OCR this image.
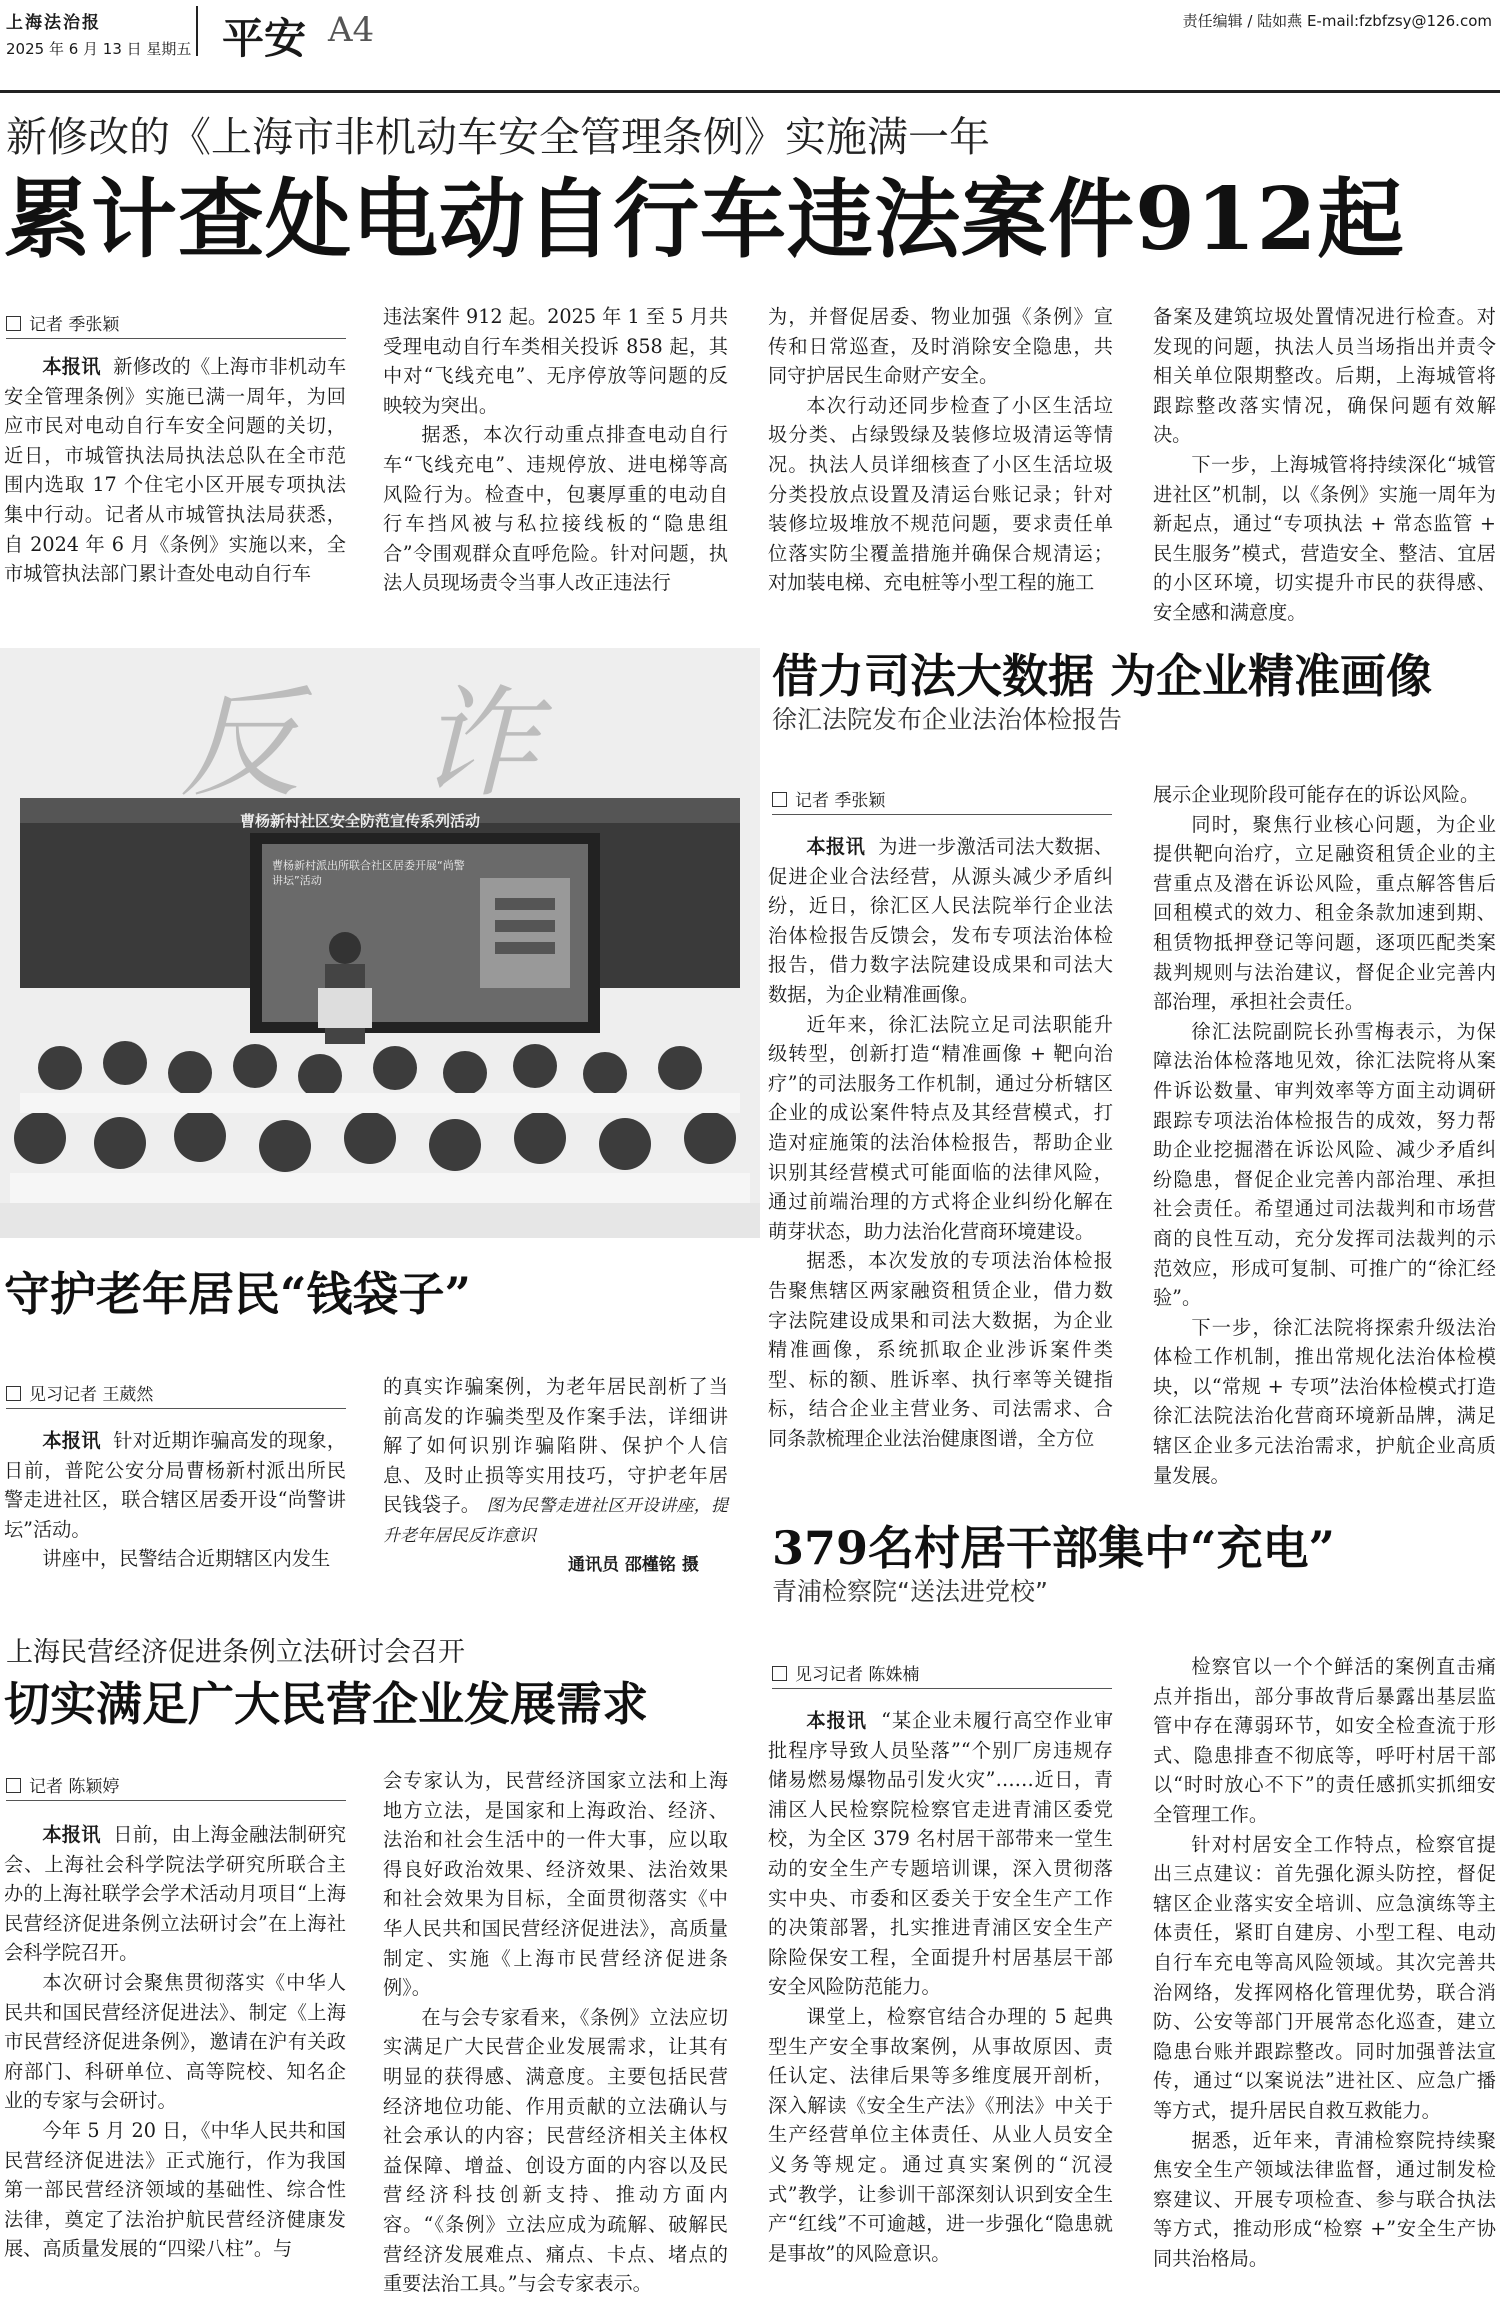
上海法治报
2025 年 6 月 13 日 星期五 平安 A4	责任编辑 / 陆如燕 E-mail:fzbfzsy@126.com
新修改的《上海市非机动车安全管理条例》实施满一年
累计查处电动自行车违法案件912起
记者 季张颖

本报讯 新修改的《上海市非机动车安全管理条例》实施已满一周年，为回应市民对电动自行车安全问题的关切，近日，市城管执法局执法总队在全市范围内选取 17 个住宅小区开展专项执法集中行动。记者从市城管执法局获悉，自 2024 年 6 月《条例》实施以来，全市城管执法部门累计查处电动自行车

违法案件 912 起。2025 年 1 至 5 月共受理电动自行车类相关投诉 858 起，其中对“飞线充电”、无序停放等问题的反映较为突出。

据悉，本次行动重点排查电动自行车“飞线充电”、违规停放、进电梯等高风险行为。检查中，包裹厚重的电动自行车挡风被与私拉接线板的“隐患组合”令围观群众直呼危险。针对问题，执法人员现场责令当事人改正违法行

为，并督促居委、物业加强《条例》宣传和日常巡查，及时消除安全隐患，共同守护居民生命财产安全。

本次行动还同步检查了小区生活垃圾分类、占绿毁绿及装修垃圾清运等情况。执法人员详细核查了小区生活垃圾分类投放点设置及清运台账记录；针对装修垃圾堆放不规范问题，要求责任单位落实防尘覆盖措施并确保合规清运；对加装电梯、充电桩等小型工程的施工

备案及建筑垃圾处置情况进行检查。对发现的问题，执法人员当场指出并责令相关单位限期整改。后期，上海城管将跟踪整改落实情况，确保问题有效解决。

下一步，上海城管将持续深化“城管进社区”机制，以《条例》实施一周年为新起点，通过“专项执法 + 常态监管 + 民生服务”模式，营造安全、整洁、宜居的小区环境，切实提升市民的获得感、安全感和满意度。

反 诈
曹杨新村社区安全防范宣传系列活动
曹杨新村派出所联合社区居委开展“尚警讲坛”活动
守护老年居民“钱袋子”
见习记者 王葳然

本报讯 针对近期诈骗高发的现象，日前，普陀公安分局曹杨新村派出所民警走进社区，联合辖区居委开设“尚警讲坛”活动。

讲座中，民警结合近期辖区内发生

的真实诈骗案例，为老年居民剖析了当前高发的诈骗类型及作案手法，详细讲解了如何识别诈骗陷阱、保护个人信息、及时止损等实用技巧，守护老年居民钱袋子。 图为民警走进社区开设讲座，提升老年居民反诈意识

通讯员 邵槿铭 摄
借力司法大数据 为企业精准画像
徐汇法院发布企业法治体检报告
记者 季张颖

本报讯 为进一步激活司法大数据、促进企业合法经营，从源头减少矛盾纠纷，近日，徐汇区人民法院举行企业法治体检报告反馈会，发布专项法治体检报告，借力数字法院建设成果和司法大数据，为企业精准画像。

近年来，徐汇法院立足司法职能升级转型，创新打造“精准画像 + 靶向治疗”的司法服务工作机制，通过分析辖区企业的成讼案件特点及其经营模式，打造对症施策的法治体检报告，帮助企业识别其经营模式可能面临的法律风险，通过前端治理的方式将企业纠纷化解在萌芽状态，助力法治化营商环境建设。

据悉，本次发放的专项法治体检报告聚焦辖区两家融资租赁企业，借力数字法院建设成果和司法大数据，为企业精准画像，系统抓取企业涉诉案件类型、标的额、胜诉率、执行率等关键指标，结合企业主营业务、司法需求、合同条款梳理企业法治健康图谱，全方位

展示企业现阶段可能存在的诉讼风险。

同时，聚焦行业核心问题，为企业提供靶向治疗，立足融资租赁企业的主营重点及潜在诉讼风险，重点解答售后回租模式的效力、租金条款加速到期、租赁物抵押登记等问题，逐项匹配类案裁判规则与法治建议，督促企业完善内部治理，承担社会责任。

徐汇法院副院长孙雪梅表示，为保障法治体检落地见效，徐汇法院将从案件诉讼数量、审判效率等方面主动调研跟踪专项法治体检报告的成效，努力帮助企业挖掘潜在诉讼风险、减少矛盾纠纷隐患，督促企业完善内部治理、承担社会责任。希望通过司法裁判和市场营商的良性互动，充分发挥司法裁判的示范效应，形成可复制、可推广的“徐汇经验”。

下一步，徐汇法院将探索升级法治体检工作机制，推出常规化法治体检模块，以“常规 + 专项”法治体检模式打造徐汇法院法治化营商环境新品牌，满足辖区企业多元法治需求，护航企业高质量发展。

379名村居干部集中“充电”
青浦检察院“送法进党校”
见习记者 陈姝楠

本报讯 “某企业未履行高空作业审批程序导致人员坠落”“个别厂房违规存储易燃易爆物品引发火灾”……近日，青浦区人民检察院检察官走进青浦区委党校，为全区 379 名村居干部带来一堂生动的安全生产专题培训课，深入贯彻落实中央、市委和区委关于安全生产工作的决策部署，扎实推进青浦区安全生产除险保安工程，全面提升村居基层干部安全风险防范能力。

课堂上，检察官结合办理的 5 起典型生产安全事故案例，从事故原因、责任认定、法律后果等多维度展开剖析，深入解读《安全生产法》《刑法》中关于生产经营单位主体责任、从业人员安全义务等规定。通过真实案例的“沉浸式”教学，让参训干部深刻认识到安全生产“红线”不可逾越，进一步强化“隐患就是事故”的风险意识。

检察官以一个个鲜活的案例直击痛点并指出，部分事故背后暴露出基层监管中存在薄弱环节，如安全检查流于形式、隐患排查不彻底等，呼吁村居干部以“时时放心不下”的责任感抓实抓细安全管理工作。

针对村居安全工作特点，检察官提出三点建议：首先强化源头防控，督促辖区企业落实安全培训、应急演练等主体责任，紧盯自建房、小型工程、电动自行车充电等高风险领域。其次完善共治网络，发挥网格化管理优势，联合消防、公安等部门开展常态化巡查，建立隐患台账并跟踪整改。同时加强普法宣传，通过“以案说法”进社区、应急广播等方式，提升居民自救互救能力。

据悉，近年来，青浦检察院持续聚焦安全生产领域法律监督，通过制发检察建议、开展专项检查、参与联合执法等方式，推动形成“检察 +”安全生产协同共治格局。

上海民营经济促进条例立法研讨会召开
切实满足广大民营企业发展需求
记者 陈颖婷

本报讯 日前，由上海金融法制研究会、上海社会科学院法学研究所联合主办的上海社联学会学术活动月项目“上海民营经济促进条例立法研讨会”在上海社会科学院召开。

本次研讨会聚焦贯彻落实《中华人民共和国民营经济促进法》、制定《上海市民营经济促进条例》，邀请在沪有关政府部门、科研单位、高等院校、知名企业的专家与会研讨。

今年 5 月 20 日，《中华人民共和国民营经济促进法》正式施行，作为我国第一部民营经济领域的基础性、综合性法律，奠定了法治护航民营经济健康发展、高质量发展的“四梁八柱”。与

会专家认为，民营经济国家立法和上海地方立法，是国家和上海政治、经济、法治和社会生活中的一件大事，应以取得良好政治效果、经济效果、法治效果和社会效果为目标，全面贯彻落实《中华人民共和国民营经济促进法》，高质量制定、实施《上海市民营经济促进条例》。

在与会专家看来，《条例》立法应切实满足广大民营企业发展需求，让其有明显的获得感、满意度。主要包括民营经济地位功能、作用贡献的立法确认与社会承认的内容；民营经济相关主体权益保障、增益、创设方面的内容以及民营经济科技创新支持、推动方面内容。“《条例》立法应成为疏解、破解民营经济发展难点、痛点、卡点、堵点的重要法治工具。”与会专家表示。
